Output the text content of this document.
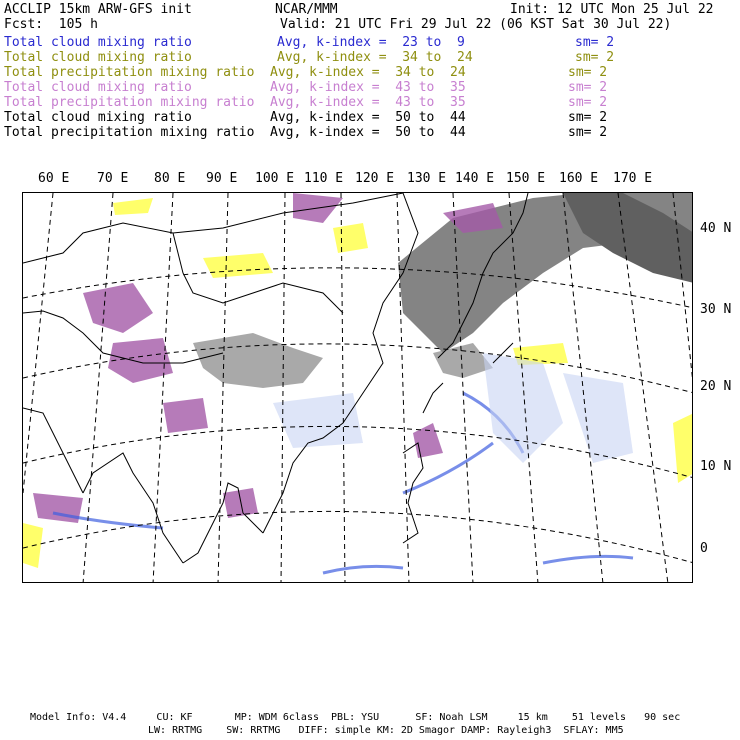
ACCLIP 15km ARW-GFS init	NCAR/MMM	Init: 12 UTC Mon 25 Jul 22
Fcst:  105 h	Valid: 21 UTC Fri 29 Jul 22 (06 KST Sat 30 Jul 22)
Total cloud mixing ratio	Avg, k-index =  23 to  9	sm= 2
Total cloud mixing ratio	Avg, k-index =  34 to  24	sm= 2
Total precipitation mixing ratio Avg, k-index =  34 to  24	sm= 2
Total cloud mixing ratio	Avg, k-index =  43 to  35	sm= 2
Total precipitation mixing ratio Avg, k-index =  43 to  35	sm= 2
Total cloud mixing ratio	Avg, k-index =  50 to  44	sm= 2
Total precipitation mixing ratio Avg, k-index =  50 to  44	sm= 2
60 E 70 E 80 E 90 E 100 E 110 E 120 E 130 E 140 E 150 E 160 E 170 E
40 N
30 N
20 N
10 N
0
Model Info: V4.4     CU: KF       MP: WDM 6class  PBL: YSU      SF: Noah LSM     15 km    51 levels   90 sec
LW: RRTMG    SW: RRTMG   DIFF: simple KM: 2D Smagor DAMP: Rayleigh3  SFLAY: MM5
